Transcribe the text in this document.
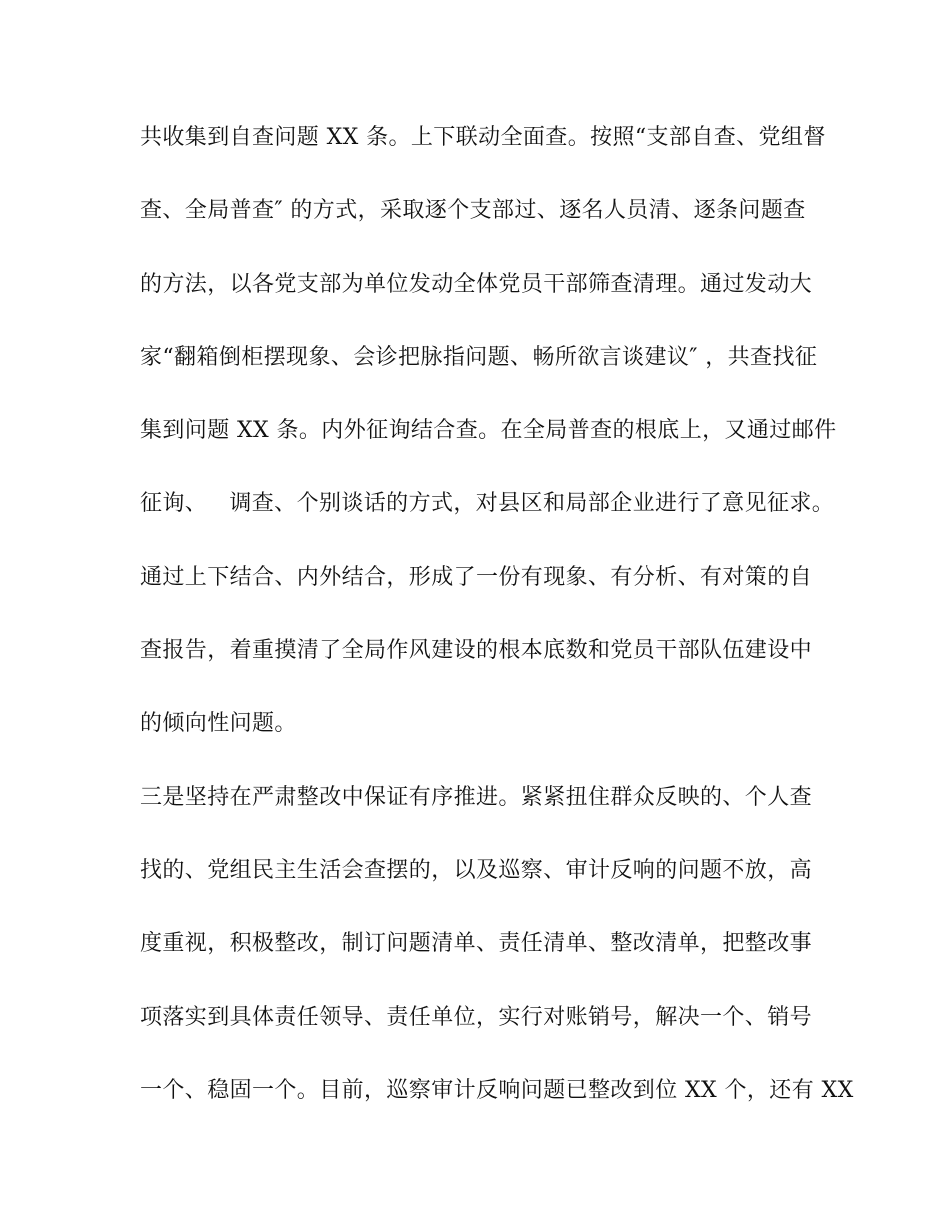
共收集到自查问题 XX 条。上下联动全面查。按照“支部自查、党组督
查、全局普查″ 的方式，采取逐个支部过、逐名人员清、逐条问题查
的方法，以各党支部为单位发动全体党员干部筛查清理。通过发动大
家“翻箱倒柜摆现象、会诊把脉指问题、畅所欲言谈建议″ ，共查找征
集到问题 XX 条。内外征询结合查。在全局普查的根底上，又通过邮件
征询、   调查、个别谈话的方式，对县区和局部企业进行了意见征求。
通过上下结合、内外结合，形成了一份有现象、有分析、有对策的自
查报告，着重摸清了全局作风建设的根本底数和党员干部队伍建设中
的倾向性问题。
三是坚持在严肃整改中保证有序推进。紧紧扭住群众反映的、个人查
找的、党组民主生活会查摆的，以及巡察、审计反响的问题不放，高
度重视，积极整改，制订问题清单、责任清单、整改清单，把整改事
项落实到具体责任领导、责任单位，实行对账销号，解决一个、销号
一个、稳固一个。目前，巡察审计反响问题已整改到位 XX 个，还有 XX
